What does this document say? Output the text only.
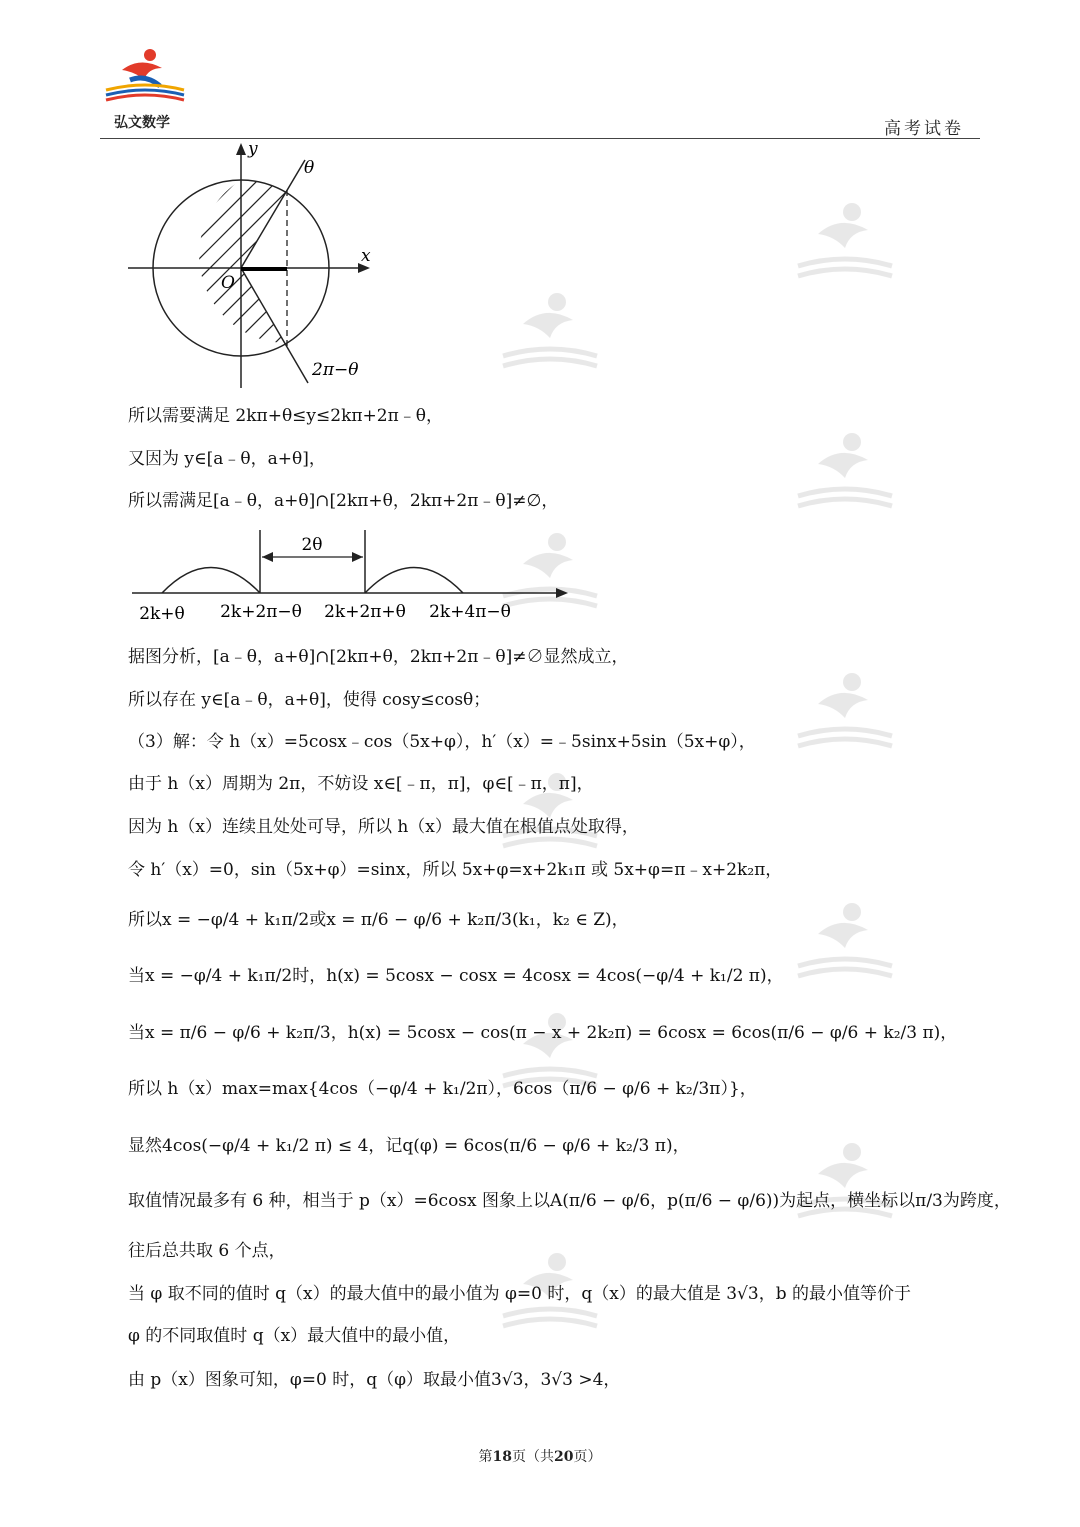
弘文数学	高考试卷
y
x
O
θ
2π−θ
所以需要满足 2kπ+θ≤y≤2kπ+2π﹣θ，
又因为 y∈[a﹣θ，a+θ]，
所以需满足[a﹣θ，a+θ]∩[2kπ+θ，2kπ+2π﹣θ]≠∅，
2θ
2k+θ 2k+2π−θ 2k+2π+θ 2k+4π−θ
据图分析，[a﹣θ，a+θ]∩[2kπ+θ，2kπ+2π﹣θ]≠∅显然成立，
所以存在 y∈[a﹣θ，a+θ]，使得 cosy≤cosθ；
（3）解：令 h（x）=5cosx﹣cos（5x+φ），h′（x）=﹣5sinx+5sin（5x+φ），
由于 h（x）周期为 2π，不妨设 x∈[﹣π，π]，φ∈[﹣π，π]，
因为 h（x）连续且处处可导，所以 h（x）最大值在根值点处取得，
令 h′（x）=0，sin（5x+φ）=sinx，所以 5x+φ=x+2k₁π 或 5x+φ=π﹣x+2k₂π，
所以x = −φ/4 + k₁π/2或x = π/6 − φ/6 + k₂π/3(k₁，k₂ ∈ Z)，
当x = −φ/4 + k₁π/2时，h(x) = 5cosx − cosx = 4cosx = 4cos(−φ/4 + k₁/2 π)，
当x = π/6 − φ/6 + k₂π/3，h(x) = 5cosx − cos(π − x + 2k₂π) = 6cosx = 6cos(π/6 − φ/6 + k₂/3 π)，
所以 h（x）max=max{4cos（−φ/4 + k₁/2π），6cos（π/6 − φ/6 + k₂/3π）}，
显然4cos(−φ/4 + k₁/2 π) ≤ 4，记q(φ) = 6cos(π/6 − φ/6 + k₂/3 π)，
取值情况最多有 6 种，相当于 p（x）=6cosx 图象上以A(π/6 − φ/6，p(π/6 − φ/6))为起点，横坐标以π/3为跨度，
往后总共取 6 个点，
当 φ 取不同的值时 q（x）的最大值中的最小值为 φ=0 时，q（x）的最大值是 3√3，b 的最小值等价于
φ 的不同取值时 q（x）最大值中的最小值，
由 p（x）图象可知，φ=0 时，q（φ）取最小值3√3，3√3 >4，
第18页（共20页）
